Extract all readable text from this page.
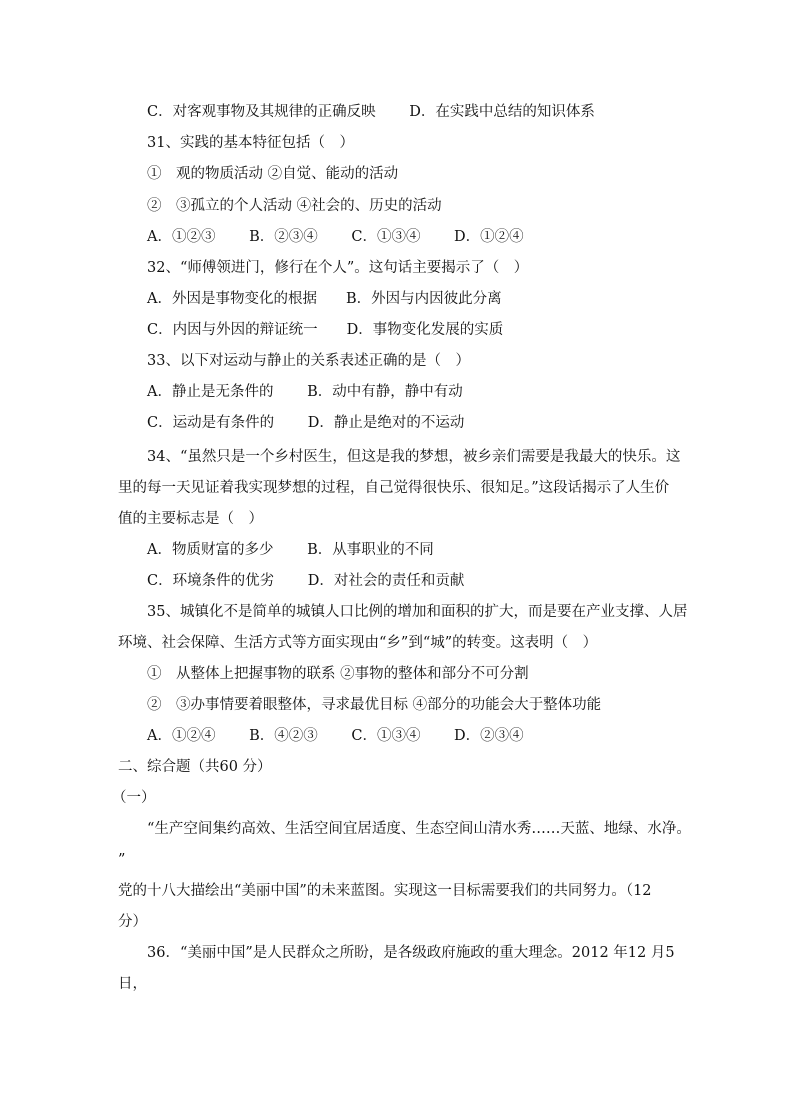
C．对客观事物及其规律的正确反映　　 D．在实践中总结的知识体系
31、实践的基本特征包括（　）
①　观的物质活动 ②自觉、能动的活动
②　③孤立的个人活动 ④社会的、历史的活动
A．①②③　　 B．②③④　　 C．①③④　　 D．①②④
32、“师傅领进门，修行在个人”。这句话主要揭示了（　）
A．外因是事物变化的根据　　B．外因与内因彼此分离
C．内因与外因的辩证统一　　D．事物变化发展的实质
33、以下对运动与静止的关系表述正确的是（　）
A．静止是无条件的　　 B．动中有静，静中有动
C．运动是有条件的　　 D．静止是绝对的不运动
34、“虽然只是一个乡村医生，但这是我的梦想，被乡亲们需要是我最大的快乐。这
里的每一天见证着我实现梦想的过程，自己觉得很快乐、很知足。”这段话揭示了人生价
值的主要标志是（　）
A．物质财富的多少　　 B．从事职业的不同
C．环境条件的优劣　　 D．对社会的责任和贡献
35、城镇化不是简单的城镇人口比例的增加和面积的扩大，而是要在产业支撑、人居
环境、社会保障、生活方式等方面实现由“乡”到“城”的转变。这表明（　）
①　从整体上把握事物的联系 ②事物的整体和部分不可分割
②　③办事情要着眼整体，寻求最优目标 ④部分的功能会大于整体功能
A．①②④　　 B．④②③　　 C．①③④　　 D．②③④
二、综合题（共60 分）
（一）
“生产空间集约高效、生活空间宜居适度、生态空间山清水秀……天蓝、地绿、水净。
”
党的十八大描绘出“美丽中国”的未来蓝图。实现这一目标需要我们的共同努力。（12
分）
36．“美丽中国”是人民群众之所盼，是各级政府施政的重大理念。2012 年12 月5
日，
